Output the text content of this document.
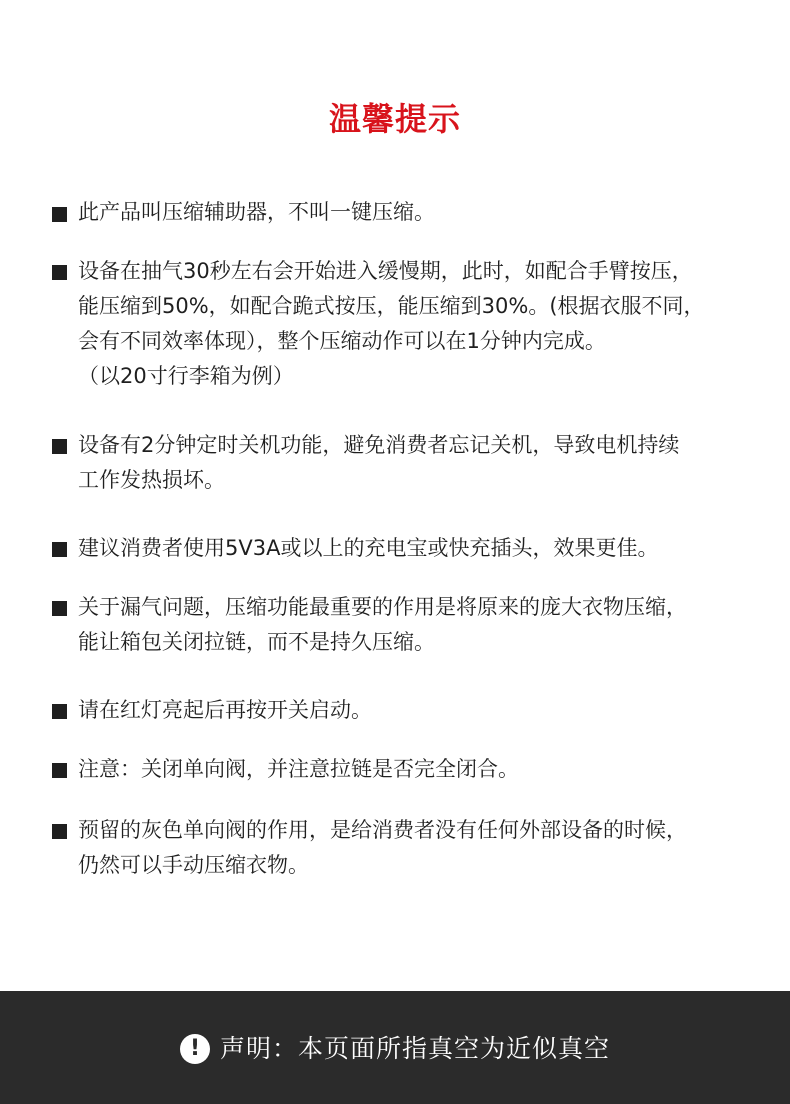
温馨提示
此产品叫压缩辅助器，不叫一键压缩。
设备在抽气30秒左右会开始进入缓慢期，此时，如配合手臂按压，
能压缩到50%，如配合跪式按压，能压缩到30%。(根据衣服不同，
会有不同效率体现），整个压缩动作可以在1分钟内完成。
（以20寸行李箱为例）
设备有2分钟定时关机功能，避免消费者忘记关机，导致电机持续
工作发热损坏。
建议消费者使用5V3A或以上的充电宝或快充插头，效果更佳。
关于漏气问题，压缩功能最重要的作用是将原来的庞大衣物压缩，
能让箱包关闭拉链，而不是持久压缩。
请在红灯亮起后再按开关启动。
注意：关闭单向阀，并注意拉链是否完全闭合。
预留的灰色单向阀的作用，是给消费者没有任何外部设备的时候，
仍然可以手动压缩衣物。
! 声明：本页面所指真空为近似真空
